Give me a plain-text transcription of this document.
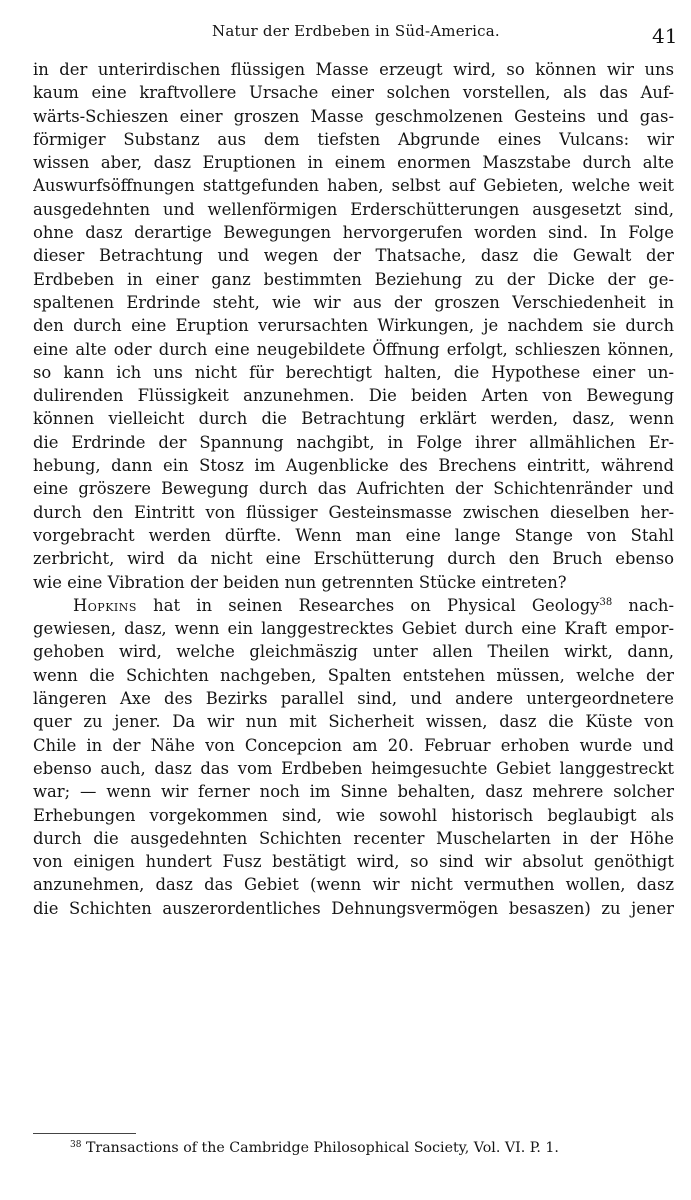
Natur der Erdbeben in Süd-America.	41

in der unterirdischen flüssigen Masse erzeugt wird, so können wir uns
kaum eine kraftvollere Ursache einer solchen vorstellen, als das Auf-
wärts-Schieszen einer groszen Masse geschmolzenen Gesteins und gas-
förmiger Substanz aus dem tiefsten Abgrunde eines Vulcans: wir
wissen aber, dasz Eruptionen in einem enormen Maszstabe durch alte
Auswurfsöffnungen stattgefunden haben, selbst auf Gebieten, welche weit
ausgedehnten und wellenförmigen Erderschütterungen ausgesetzt sind,
ohne dasz derartige Bewegungen hervorgerufen worden sind. In Folge
dieser Betrachtung und wegen der Thatsache, dasz die Gewalt der
Erdbeben in einer ganz bestimmten Beziehung zu der Dicke der ge-
spaltenen Erdrinde steht, wie wir aus der groszen Verschiedenheit in
den durch eine Eruption verursachten Wirkungen, je nachdem sie durch
eine alte oder durch eine neugebildete Öffnung erfolgt, schlieszen können,
so kann ich uns nicht für berechtigt halten, die Hypothese einer un-
dulirenden Flüssigkeit anzunehmen. Die beiden Arten von Bewegung
können vielleicht durch die Betrachtung erklärt werden, dasz, wenn
die Erdrinde der Spannung nachgibt, in Folge ihrer allmählichen Er-
hebung, dann ein Stosz im Augenblicke des Brechens eintritt, während
eine gröszere Bewegung durch das Aufrichten der Schichtenränder und
durch den Eintritt von flüssiger Gesteinsmasse zwischen dieselben her-
vorgebracht werden dürfte. Wenn man eine lange Stange von Stahl
zerbricht, wird da nicht eine Erschütterung durch den Bruch ebenso
wie eine Vibration der beiden nun getrennten Stücke eintreten?

Hopkins hat in seinen Researches on Physical Geology$^{38}$ nach-
gewiesen, dasz, wenn ein langgestrecktes Gebiet durch eine Kraft empor-
gehoben wird, welche gleichmäszig unter allen Theilen wirkt, dann,
wenn die Schichten nachgeben, Spalten entstehen müssen, welche der
längeren Axe des Bezirks parallel sind, und andere untergeordnetere
quer zu jener. Da wir nun mit Sicherheit wissen, dasz die Küste von
Chile in der Nähe von Concepcion am 20. Februar erhoben wurde und
ebenso auch, dasz das vom Erdbeben heimgesuchte Gebiet langgestreckt
war; — wenn wir ferner noch im Sinne behalten, dasz mehrere solcher
Erhebungen vorgekommen sind, wie sowohl historisch beglaubigt als
durch die ausgedehnten Schichten recenter Muschelarten in der Höhe
von einigen hundert Fusz bestätigt wird, so sind wir absolut genöthigt
anzunehmen, dasz das Gebiet (wenn wir nicht vermuthen wollen, dasz
die Schichten auszerordentliches Dehnungsvermögen besaszen) zu jener

$^{38}$ Transactions of the Cambridge Philosophical Society, Vol. VI. P. 1.
